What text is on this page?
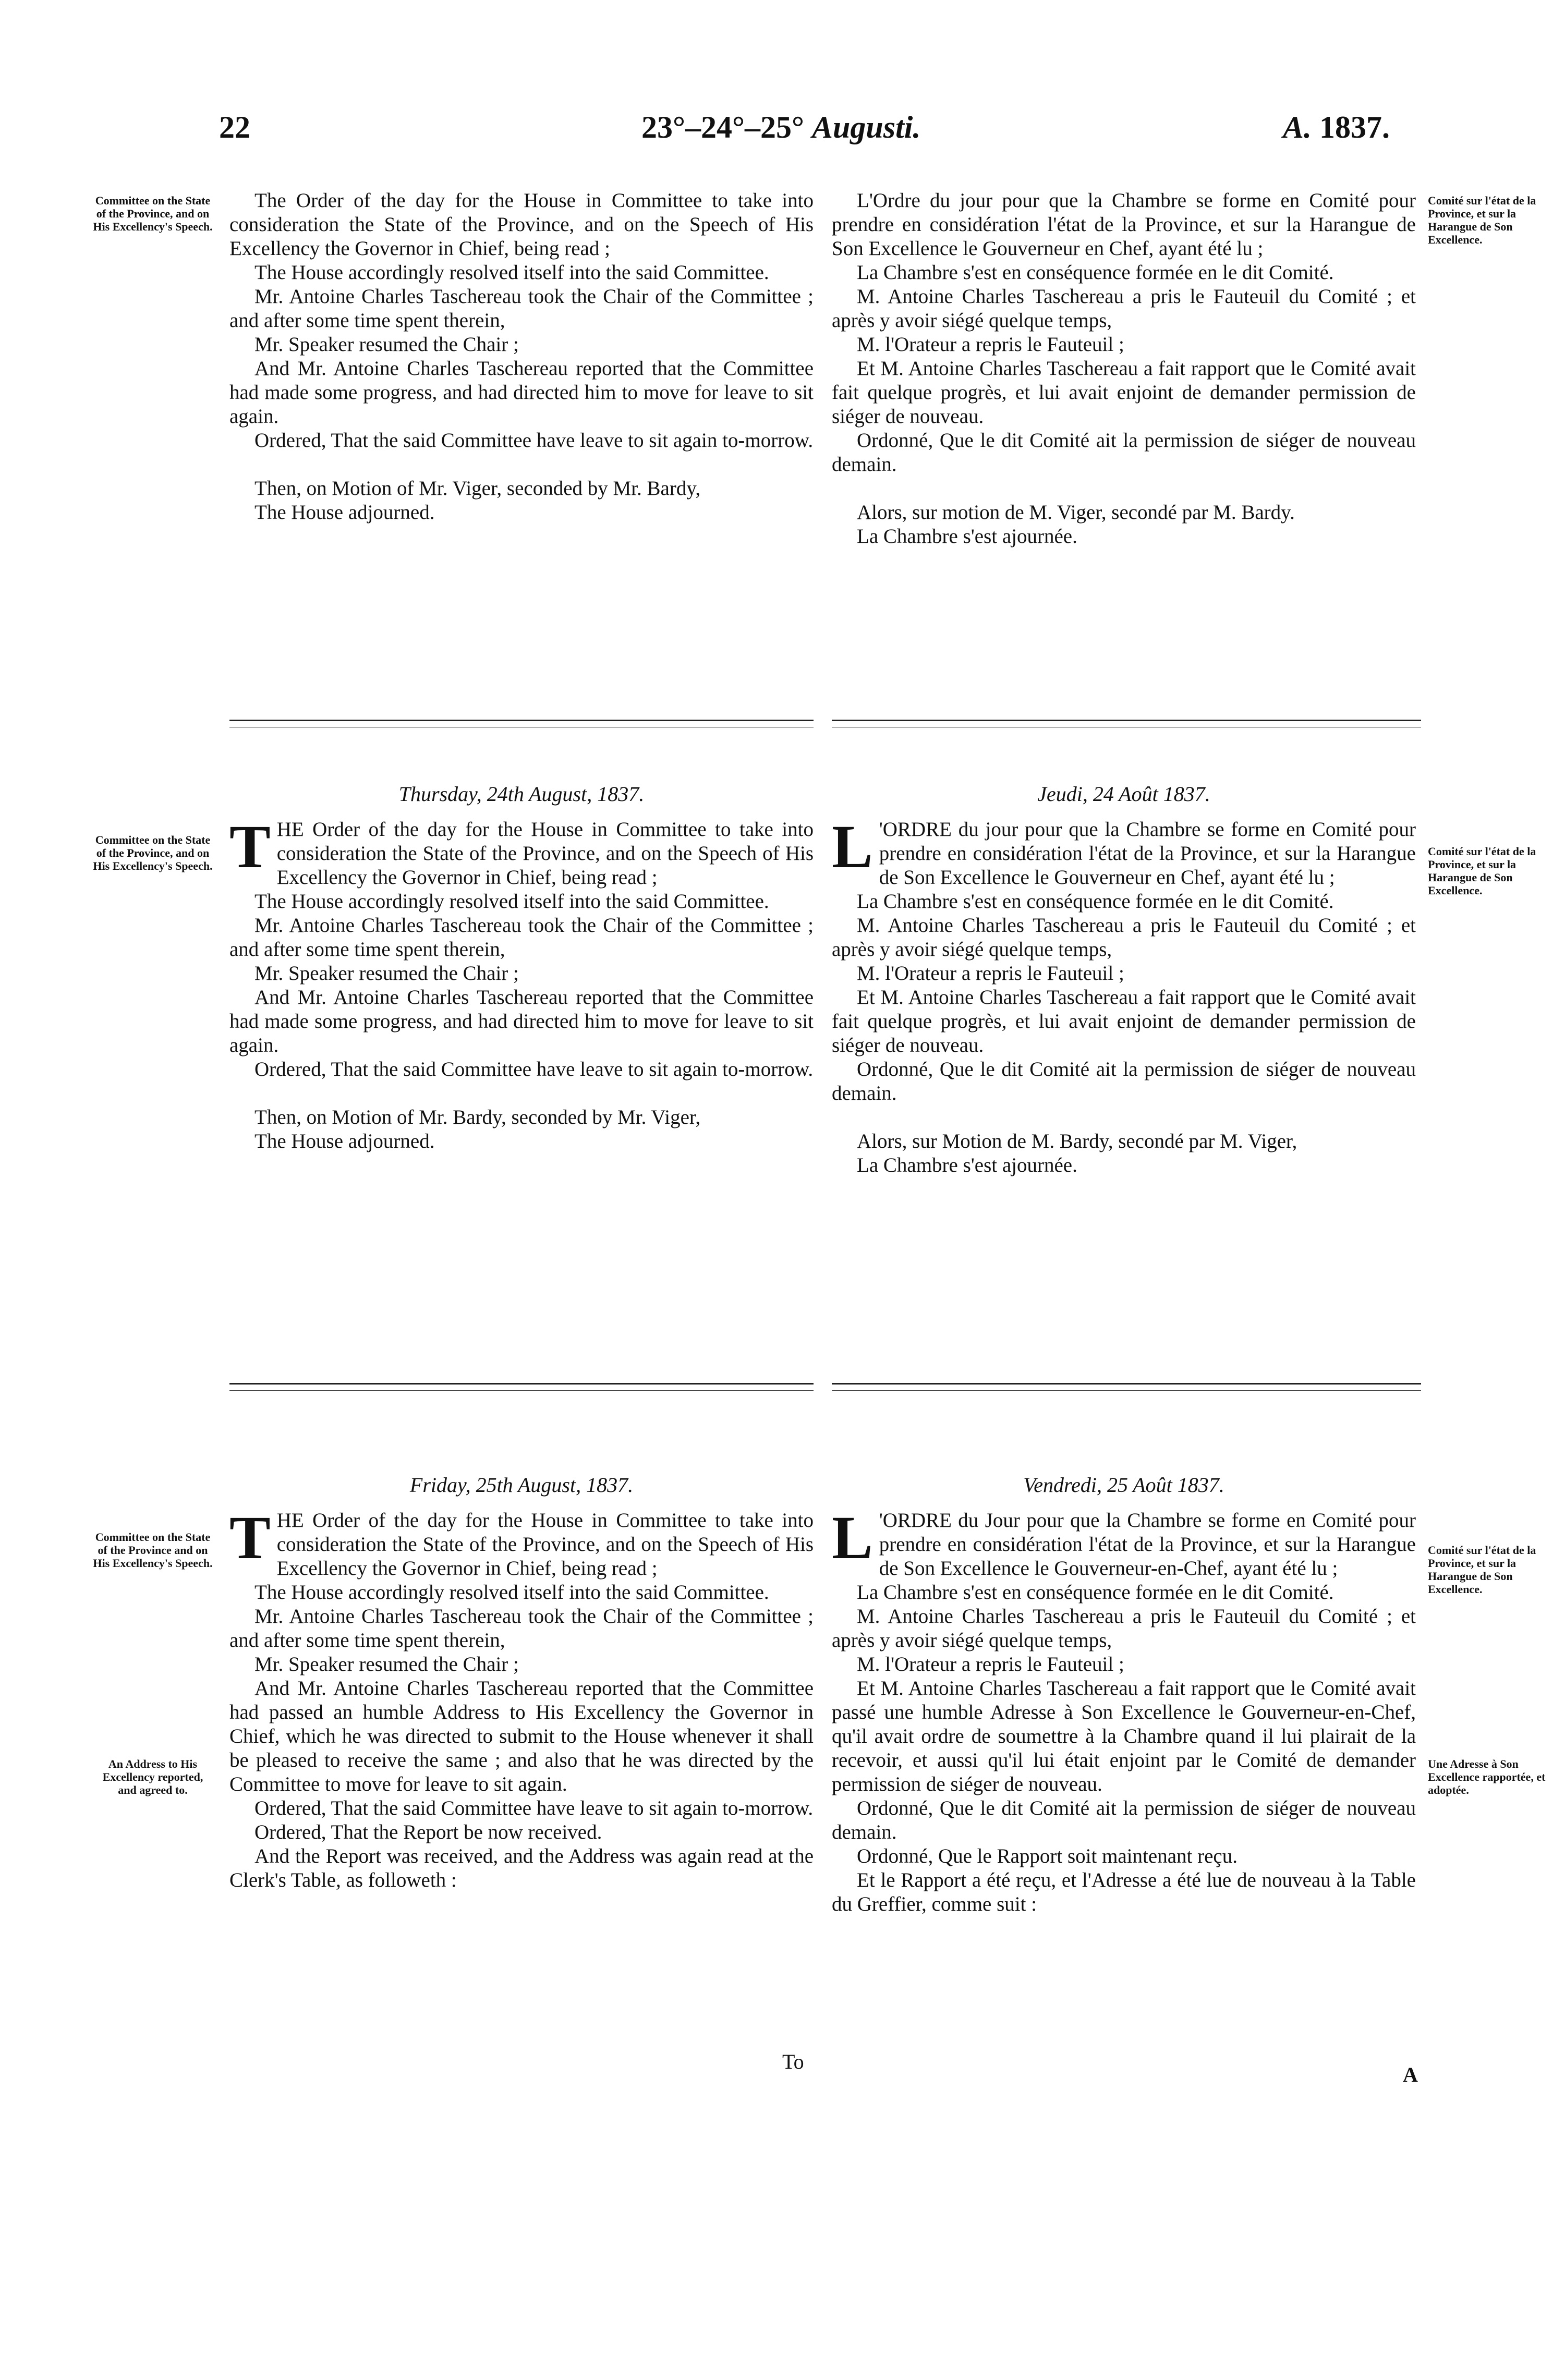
22	23°–24°–25° Augusti.	A. 1837.
Committee on the State of the Province, and on His Excellency's Speech.
Comité sur l'état de la Province, et sur la Harangue de Son Excellence.

The Order of the day for the House in Committee to take into consideration the State of the Province, and on the Speech of His Excellency the Governor in Chief, being read ;

The House accordingly resolved itself into the said Committee.

Mr. Antoine Charles Taschereau took the Chair of the Committee ; and after some time spent therein,

Mr. Speaker resumed the Chair ;

And Mr. Antoine Charles Taschereau reported that the Committee had made some progress, and had directed him to move for leave to sit again.

Ordered, That the said Committee have leave to sit again to-morrow.

Then, on Motion of Mr. Viger, seconded by Mr. Bardy,

The House adjourned.

L'Ordre du jour pour que la Chambre se forme en Comité pour prendre en considération l'état de la Province, et sur la Harangue de Son Excellence le Gouverneur en Chef, ayant été lu ;

La Chambre s'est en conséquence formée en le dit Comité.

M. Antoine Charles Taschereau a pris le Fauteuil du Comité ; et après y avoir siégé quelque temps,

M. l'Orateur a repris le Fauteuil ;

Et M. Antoine Charles Taschereau a fait rapport que le Comité avait fait quelque progrès, et lui avait enjoint de demander permission de siéger de nouveau.

Ordonné, Que le dit Comité ait la permission de siéger de nouveau demain.

Alors, sur motion de M. Viger, secondé par M. Bardy.

La Chambre s'est ajournée.

Committee on the State of the Province, and on His Excellency's Speech.
Comité sur l'état de la Province, et sur la Harangue de Son Excellence.
Thursday, 24th August, 1837.

THE Order of the day for the House in Committee to take into consideration the State of the Province, and on the Speech of His Excellency the Governor in Chief, being read ;

The House accordingly resolved itself into the said Committee.

Mr. Antoine Charles Taschereau took the Chair of the Committee ; and after some time spent therein,

Mr. Speaker resumed the Chair ;

And Mr. Antoine Charles Taschereau reported that the Committee had made some progress, and had directed him to move for leave to sit again.

Ordered, That the said Committee have leave to sit again to-morrow.

Then, on Motion of Mr. Bardy, seconded by Mr. Viger,

The House adjourned.

Jeudi, 24 Août 1837.

L 'ORDRE du jour pour que la Chambre se forme en Comité pour prendre en considération l'état de la Province, et sur la Harangue de Son Excellence le Gouverneur en Chef, ayant été lu ;

La Chambre s'est en conséquence formée en le dit Comité.

M. Antoine Charles Taschereau a pris le Fauteuil du Comité ; et après y avoir siégé quelque temps,

M. l'Orateur a repris le Fauteuil ;

Et M. Antoine Charles Taschereau a fait rapport que le Comité avait fait quelque progrès, et lui avait enjoint de demander permission de siéger de nouveau.

Ordonné, Que le dit Comité ait la permission de siéger de nouveau demain.

Alors, sur Motion de M. Bardy, secondé par M. Viger,

La Chambre s'est ajournée.

Committee on the State of the Province and on His Excellency's Speech.
An Address to His Excellency reported, and agreed to.
Comité sur l'état de la Province, et sur la Harangue de Son Excellence.
Une Adresse à Son Excellence rapportée, et adoptée.
Friday, 25th August, 1837.

THE Order of the day for the House in Committee to take into consideration the State of the Province, and on the Speech of His Excellency the Governor in Chief, being read ;

The House accordingly resolved itself into the said Committee.

Mr. Antoine Charles Taschereau took the Chair of the Committee ; and after some time spent therein,

Mr. Speaker resumed the Chair ;

And Mr. Antoine Charles Taschereau reported that the Committee had passed an humble Address to His Excellency the Governor in Chief, which he was directed to submit to the House whenever it shall be pleased to receive the same ; and also that he was directed by the Committee to move for leave to sit again.

Ordered, That the said Committee have leave to sit again to-morrow.

Ordered, That the Report be now received.

And the Report was received, and the Address was again read at the Clerk's Table, as followeth :

Vendredi, 25 Août 1837.

L 'ORDRE du Jour pour que la Chambre se forme en Comité pour prendre en considération l'état de la Province, et sur la Harangue de Son Excellence le Gouverneur-en-Chef, ayant été lu ;

La Chambre s'est en conséquence formée en le dit Comité.

M. Antoine Charles Taschereau a pris le Fauteuil du Comité ; et après y avoir siégé quelque temps,

M. l'Orateur a repris le Fauteuil ;

Et M. Antoine Charles Taschereau a fait rapport que le Comité avait passé une humble Adresse à Son Excellence le Gouverneur-en-Chef, qu'il avait ordre de soumettre à la Chambre quand il lui plairait de la recevoir, et aussi qu'il lui était enjoint par le Comité de demander permission de siéger de nouveau.

Ordonné, Que le dit Comité ait la permission de siéger de nouveau demain.

Ordonné, Que le Rapport soit maintenant reçu.

Et le Rapport a été reçu, et l'Adresse a été lue de nouveau à la Table du Greffier, comme suit :

To
A
